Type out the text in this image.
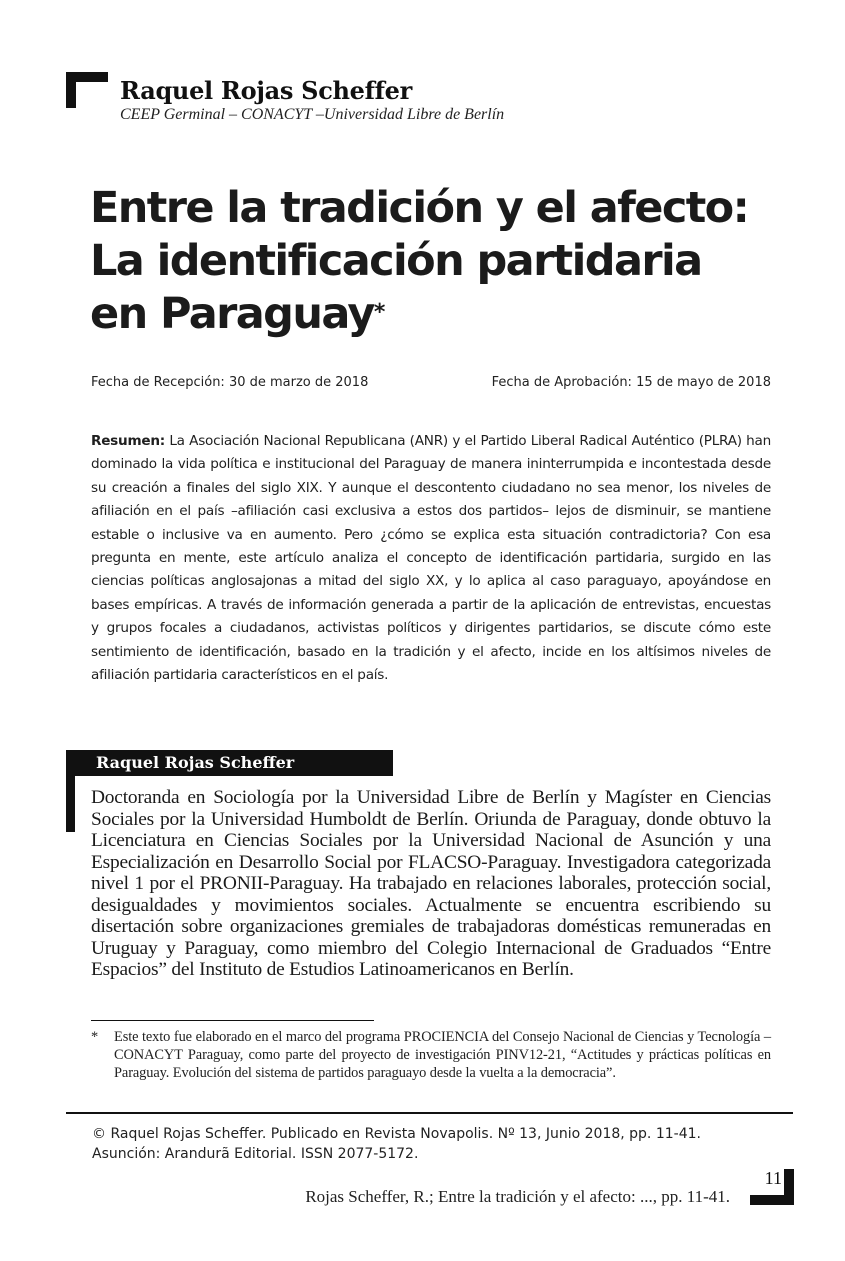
Raquel Rojas Scheffer

CEEP Germinal – CONACYT –Universidad Libre de Berlín

Entre la tradición y el afecto:
La identificación partidaria
en Paraguay*
Fecha de Recepción: 30 de marzo de 2018	Fecha de Aprobación: 15 de mayo de 2018

Resumen: La Asociación Nacional Republicana (ANR) y el Partido Liberal Radical Auténtico (PLRA) han dominado la vida política e institucional del Paraguay de manera ininterrumpida e incontestada desde su creación a finales del siglo XIX. Y aunque el descontento ciudadano no sea menor, los niveles de afiliación en el país –afiliación casi exclusiva a estos dos partidos– lejos de disminuir, se mantiene estable o inclusive va en aumento. Pero ¿cómo se explica esta situación contradictoria? Con esa pregunta en mente, este artículo analiza el concepto de identificación partidaria, surgido en las ciencias políticas anglosajonas a mitad del siglo XX, y lo aplica al caso paraguayo, apoyándose en bases empíricas. A través de información generada a partir de la aplicación de entrevistas, encuestas y grupos focales a ciudadanos, activistas políticos y dirigentes partidarios, se discute cómo este sentimiento de identificación, basado en la tradición y el afecto, incide en los altísimos niveles de afiliación partidaria característicos en el país.

Raquel Rojas Scheffer

Doctoranda en Sociología por la Universidad Libre de Berlín y Magíster en Ciencias Sociales por la Universidad Humboldt de Berlín. Oriunda de Paraguay, donde obtuvo la Licenciatura en Ciencias Sociales por la Universidad Nacional de Asunción y una Especialización en Desarrollo Social por FLACSO-Paraguay. Investigadora categorizada nivel 1 por el PRONII-Paraguay. Ha trabajado en relaciones laborales, protección social, desigualdades y movimientos sociales. Actualmente se encuentra escribiendo su disertación sobre organizaciones gremiales de trabajadoras domésticas remuneradas en Uruguay y Paraguay, como miembro del Colegio Internacional de Graduados “Entre Espacios” del Instituto de Estudios Latinoamericanos en Berlín.

* Este texto fue elaborado en el marco del programa PROCIENCIA del Consejo Nacional de Ciencias y Tecnología – CONACYT Paraguay, como parte del proyecto de investigación PINV12-21, “Actitudes y prácticas políticas en Paraguay. Evolución del sistema de partidos paraguayo desde la vuelta a la democracia”.

© Raquel Rojas Scheffer. Publicado en Revista Novapolis. Nº 13, Junio 2018, pp. 11-41.
Asunción: Arandurã Editorial. ISSN 2077-5172.

Rojas Scheffer, R.; Entre la tradición y el afecto: ..., pp. 11-41.

11
